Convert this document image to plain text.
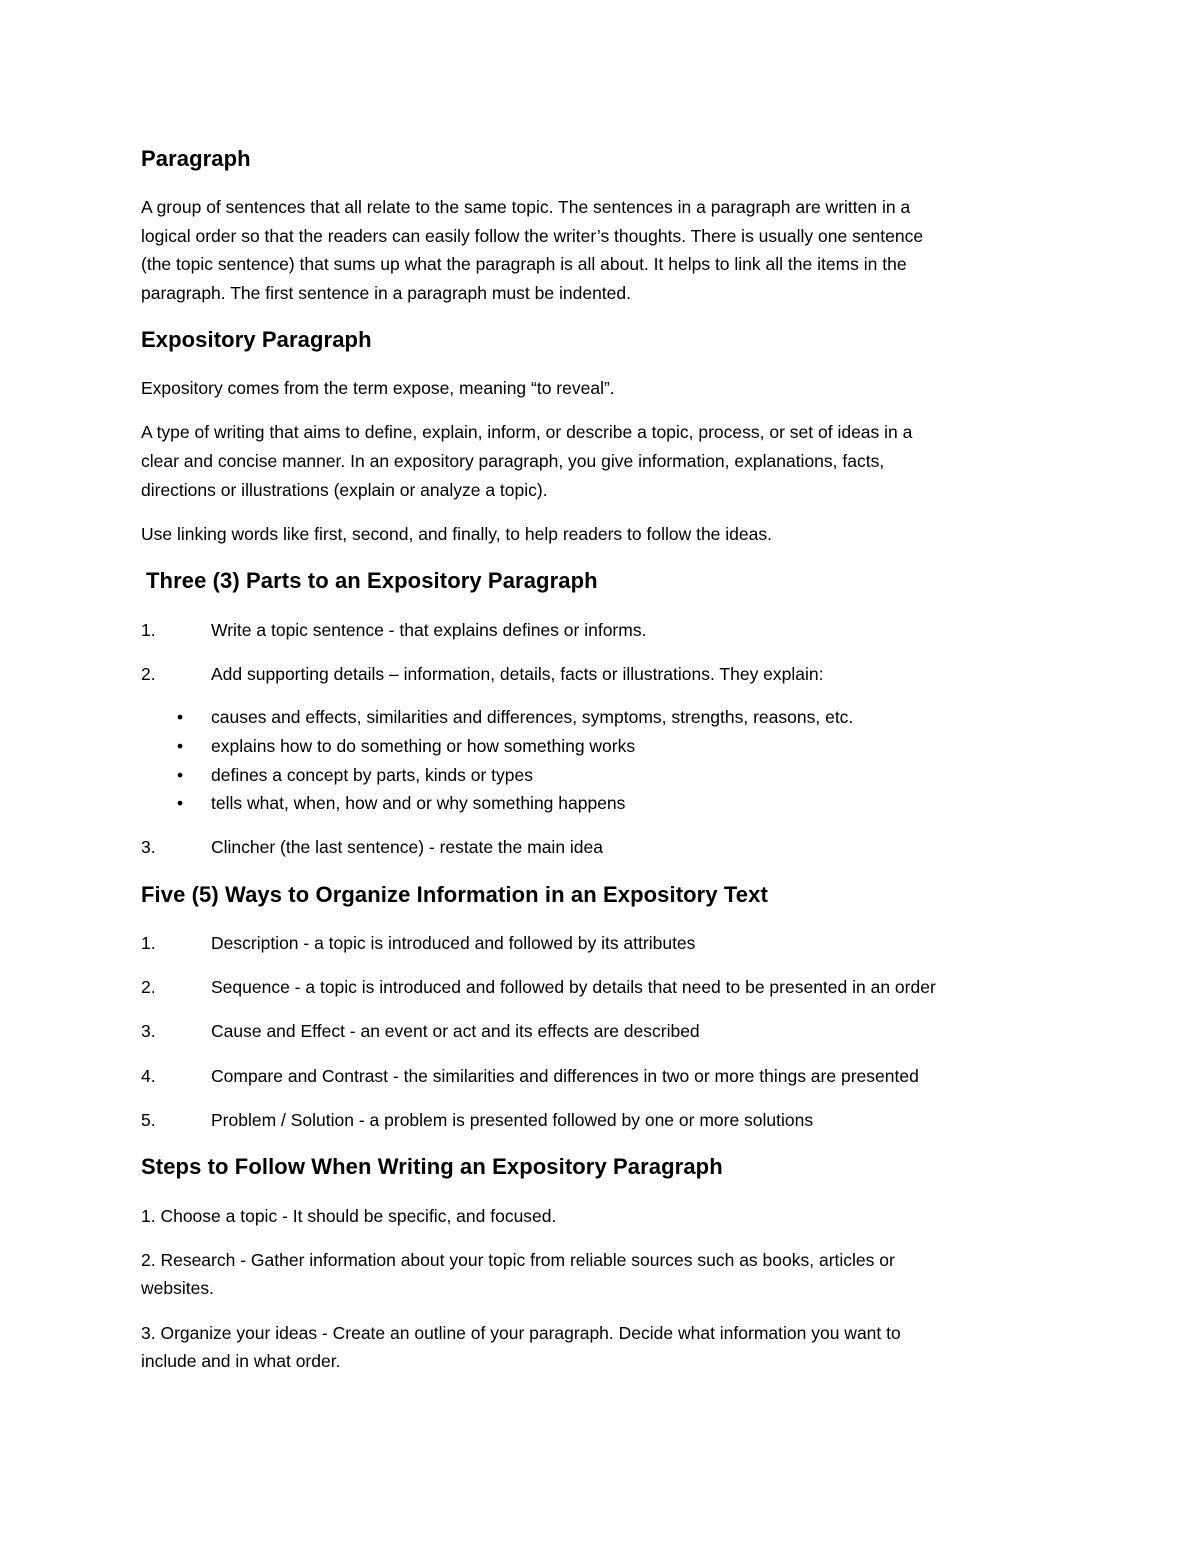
Paragraph
A group of sentences that all relate to the same topic. The sentences in a paragraph are written in a
logical order so that the readers can easily follow the writer’s thoughts. There is usually one sentence
(the topic sentence) that sums up what the paragraph is all about. It helps to link all the items in the
paragraph. The first sentence in a paragraph must be indented.
Expository Paragraph
Expository comes from the term expose, meaning “to reveal”.
A type of writing that aims to define, explain, inform, or describe a topic, process, or set of ideas in a
clear and concise manner. In an expository paragraph, you give information, explanations, facts,
directions or illustrations (explain or analyze a topic).
Use linking words like first, second, and finally, to help readers to follow the ideas.
Three (3) Parts to an Expository Paragraph
1.	Write a topic sentence - that explains defines or informs.
2.	Add supporting details – information, details, facts or illustrations. They explain:
• causes and effects, similarities and differences, symptoms, strengths, reasons, etc.
• explains how to do something or how something works
• defines a concept by parts, kinds or types
• tells what, when, how and or why something happens
3.	Clincher (the last sentence) - restate the main idea
Five (5) Ways to Organize Information in an Expository Text
1.	Description - a topic is introduced and followed by its attributes
2.	Sequence - a topic is introduced and followed by details that need to be presented in an order
3.	Cause and Effect - an event or act and its effects are described
4.	Compare and Contrast - the similarities and differences in two or more things are presented
5.	Problem / Solution - a problem is presented followed by one or more solutions
Steps to Follow When Writing an Expository Paragraph
1. Choose a topic - It should be specific, and focused.
2. Research - Gather information about your topic from reliable sources such as books, articles or
websites.
3. Organize your ideas - Create an outline of your paragraph. Decide what information you want to
include and in what order.
